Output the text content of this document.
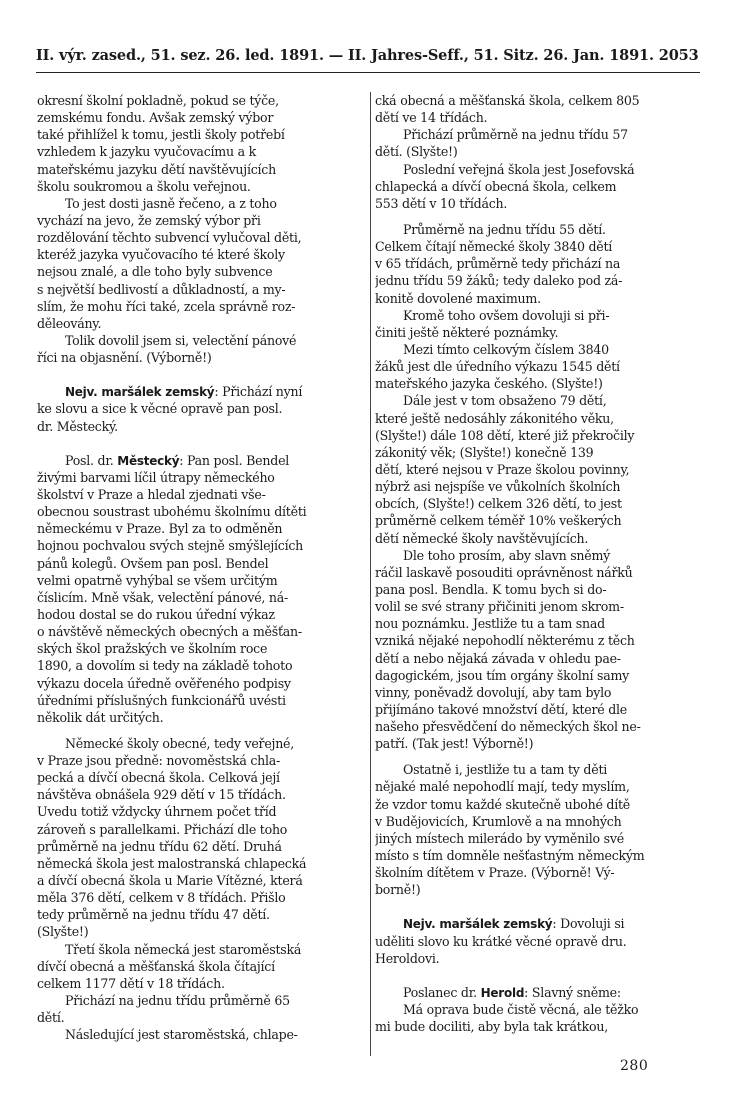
II. výr. zased., 51. sez. 26. led. 1891. — II. Jahres-Seff., 51. Sitz. 26. Jan. 1891. 2053
okresní školní pokladně, pokud se týče,
zemskému fondu. Avšak zemský výbor
také přihlížel k tomu, jestli školy potřebí
vzhledem k jazyku vyučovacímu a k
mateřskému jazyku dětí navštěvujících
školu soukromou a školu veřejnou.
To jest dosti jasně řečeno, a z toho
vychází na jevo, že zemský výbor při
rozdělování těchto subvencí vylučoval děti,
kteréž jazyka vyučovacího té které školy
nejsou znalé, a dle toho byly subvence
s největší bedlivostí a důkladností, a my-
slím, že mohu říci také, zcela správně roz-
děleovány.
Tolik dovolil jsem si, velectění pánové
říci na objasnění. (Výborně!)
Nejv. maršálek zemský: Přichází nyní
ke slovu a sice k věcné opravě pan posl.
dr. Městecký.
Posl. dr. Městecký: Pan posl. Bendel
živými barvami líčil útrapy německého
školství v Praze a hledal zjednati vše-
obecnou soustrast ubohému školnímu dítěti
německému v Praze. Byl za to odměněn
hojnou pochvalou svých stejně smýšlejících
pánů kolegů. Ovšem pan posl. Bendel
velmi opatrně vyhýbal se všem určitým
číslicím. Mně však, velectění pánové, ná-
hodou dostal se do rukou úřední výkaz
o návštěvě německých obecných a měšťan-
ských škol pražských ve školním roce
1890, a dovolím si tedy na základě tohoto
výkazu docela úředně ověřeného podpisy
úředními příslušných funkcionářů uvésti
několik dát určitých.
Německé školy obecné, tedy veřejné,
v Praze jsou předně: novoměstská chla-
pecká a dívčí obecná škola. Celková její
návštěva obnášela 929 dětí v 15 třídách.
Uvedu totiž vždycky úhrnem počet tříd
zároveň s parallelkami. Přichází dle toho
průměrně na jednu třídu 62 dětí. Druhá
německá škola jest malostranská chlapecká
a dívčí obecná škola u Marie Vítězné, která
měla 376 dětí, celkem v 8 třídách. Přišlo
tedy průměrně na jednu třídu 47 dětí.
(Slyšte!)
Třetí škola německá jest staroměstská
dívčí obecná a měšťanská škola čítající
celkem 1177 dětí v 18 třídách.
Přichází na jednu třídu průměrně 65
dětí.
Následující jest staroměstská, chlape-
cká obecná a měšťanská škola, celkem 805
dětí ve 14 třídách.
Přichází průměrně na jednu třídu 57
dětí. (Slyšte!)
Poslední veřejná škola jest Josefovská
chlapecká a dívčí obecná škola, celkem
553 dětí v 10 třídách.
Průměrně na jednu třídu 55 dětí.
Celkem čítají německé školy 3840 dětí
v 65 třídách, průměrně tedy přichází na
jednu třídu 59 žáků; tedy daleko pod zá-
konitě dovolené maximum.
Kromě toho ovšem dovoluji si při-
činiti ještě některé poznámky.
Mezi tímto celkovým číslem 3840
žáků jest dle úředního výkazu 1545 dětí
mateřského jazyka českého. (Slyšte!)
Dále jest v tom obsaženo 79 dětí,
které ještě nedosáhly zákonitého věku,
(Slyšte!) dále 108 dětí, které již překročily
zákonitý věk; (Slyšte!) konečně 139
dětí, které nejsou v Praze školou povinny,
nýbrž asi nejspíše ve vůkolních školních
obcích, (Slyšte!) celkem 326 dětí, to jest
průměrně celkem téměř 10% veškerých
dětí německé školy navštěvujících.
Dle toho prosím, aby slavn sněmý
ráčil laskavě posouditi oprávněnost nářků
pana posl. Bendla. K tomu bych si do-
volil se své strany přičiniti jenom skrom-
nou poznámku. Jestliže tu a tam snad
vzniká nějaké nepohodlí některému z těch
dětí a nebo nějaká závada v ohledu pae-
dagogickém, jsou tím orgány školní samy
vinny, poněvadž dovolují, aby tam bylo
přijímáno takové množství dětí, které dle
našeho přesvědčení do německých škol ne-
patří. (Tak jest! Výborně!)
Ostatně i, jestliže tu a tam ty děti
nějaké malé nepohodlí mají, tedy myslím,
že vzdor tomu každé skutečně ubohé dítě
v Budějovicích, Krumlově a na mnohých
jiných místech milerádo by vyměnilo své
místo s tím domněle nešťastným německým
školním dítětem v Praze. (Výborně! Vý-
borně!)
Nejv. maršálek zemský: Dovoluji si
uděliti slovo ku krátké věcné opravě dru.
Heroldovi.
Poslanec dr. Herold: Slavný sněme:
Má oprava bude čistě věcná, ale těžko
mi bude dociliti, aby byla tak krátkou,
280
